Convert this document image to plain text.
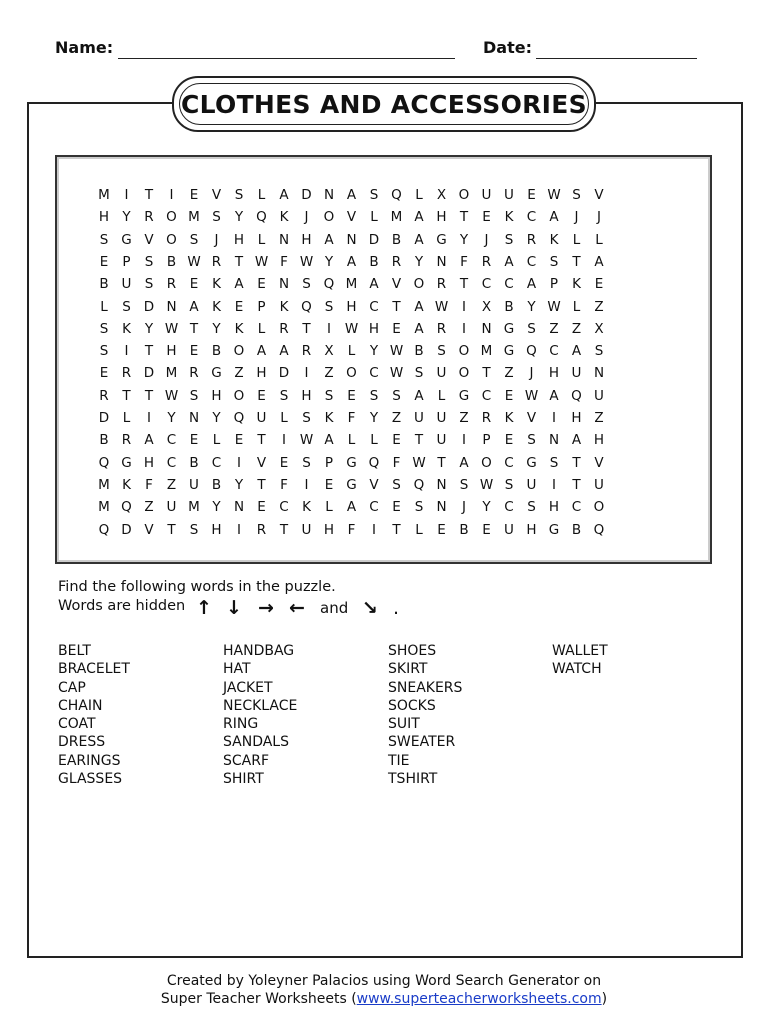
Name:	Date:
CLOTHES AND ACCESSORIES
M	I	T	I	E	V	S	L	A D N A	S Q L	X O U U E W S	V
H Y	R O M S	Y Q K	J	O V	L M A H T	E	K C A	J	J
S G V O S	J	H	L	N H A N D B A G Y	J	S	R K	L	L
E	P	S	B W R	T W F W Y	A B R	Y N	F	R A C S	T	A
B U S	R	E	K A	E N S Q M A V O R	T	C C A	P	K	E
L	S D N A K	E	P	K Q S H C	T	A W	I	X B	Y W L	Z
S	K	Y W T	Y	K	L	R	T	I	W H E	A R	I	N G S	Z Z X
S	I	T H E	B O A A R X	L	Y W B	S O M G Q C A	S
E	R D M R G Z H D	I	Z O C W S U O T	Z	J	H U N
R	T	T W S H O E	S H S	E	S	S	A	L	G C	E W A Q U
D	L	I	Y N Y Q U	L	S	K	F	Y	Z U U Z R K V	I	H Z
B R A C	E	L	E	T	I	W A	L	L	E	T U	I	P	E	S N A H
Q G H C B C	I	V	E	S	P G Q F W T	A O C G S	T	V
M K	F	Z U B	Y	T	F	I	E G V	S Q N S W S U	I	T U
M Q Z U M Y N E	C K	L	A C	E	S N	J	Y	C S H C O
Q D V	T	S H	I	R	T U H	F	I	T	L	E	B	E U H G B Q
Find the following words in the puzzle.
Words are hidden ↑ ↓ → ← and ↘ .
BELT
BRACELET
CAP
CHAIN
COAT
DRESS
EARINGS
GLASSES
HANDBAG
HAT
JACKET
NECKLACE
RING
SANDALS
SCARF
SHIRT
SHOES
SKIRT
SNEAKERS
SOCKS
SUIT
SWEATER
TIE
TSHIRT
WALLET
WATCH
Created by Yoleyner Palacios using Word Search Generator on
Super Teacher Worksheets (www.superteacherworksheets.com)
